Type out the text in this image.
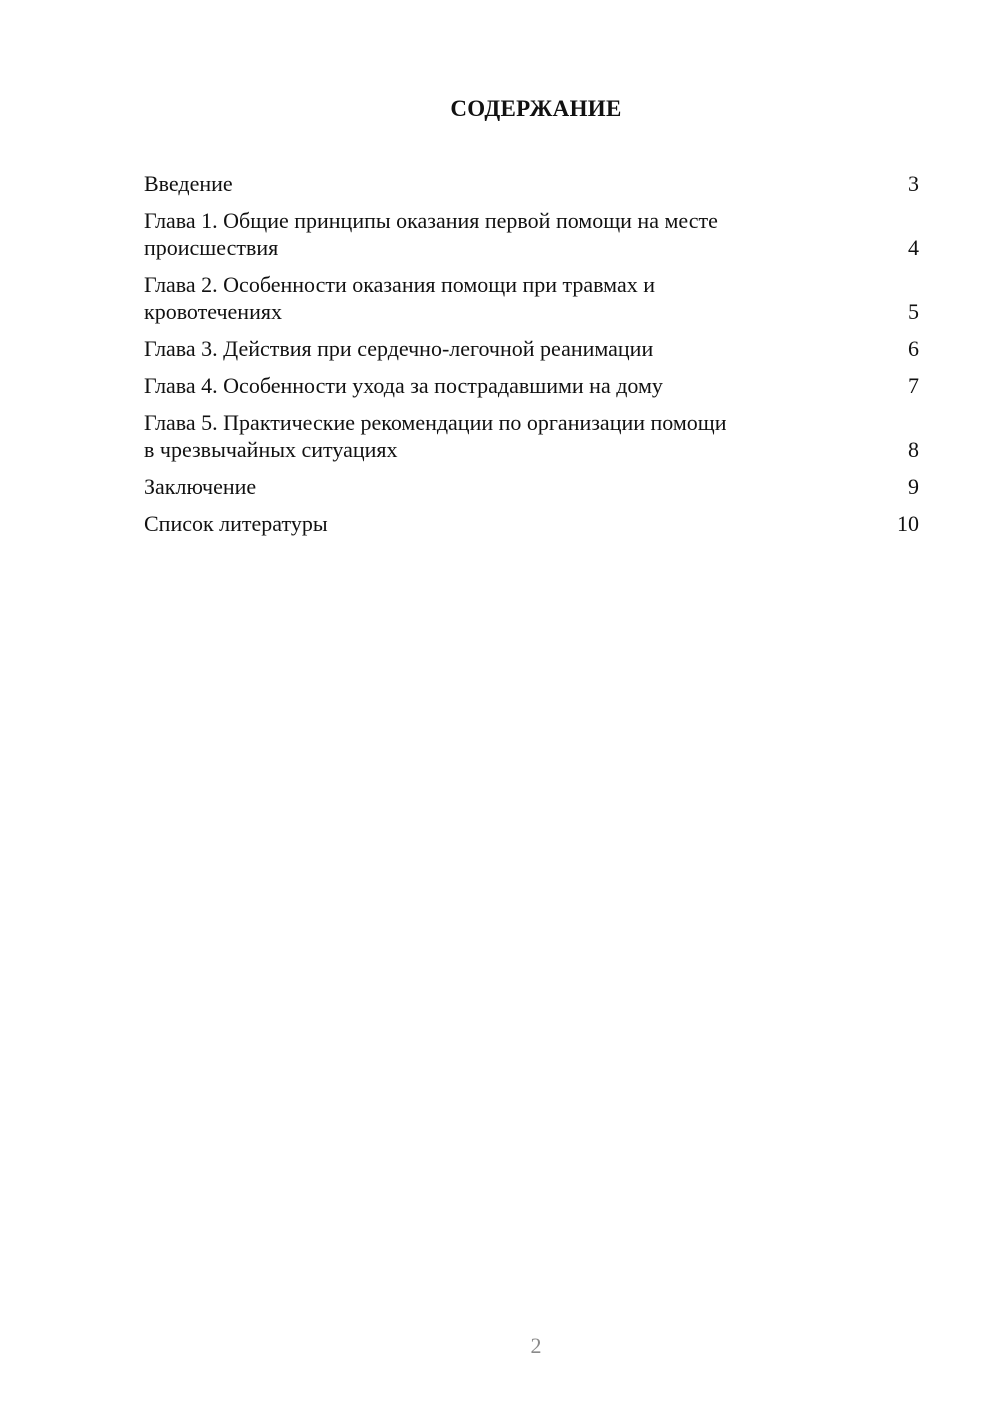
СОДЕРЖАНИЕ
Введение	3
Глава 1. Общие принципы оказания первой помощи на месте
происшествия	4
Глава 2. Особенности оказания помощи при травмах и
кровотечениях	5
Глава 3. Действия при сердечно-легочной реанимации	6
Глава 4. Особенности ухода за пострадавшими на дому	7
Глава 5. Практические рекомендации по организации помощи
в чрезвычайных ситуациях	8
Заключение	9
Список литературы	10

2
